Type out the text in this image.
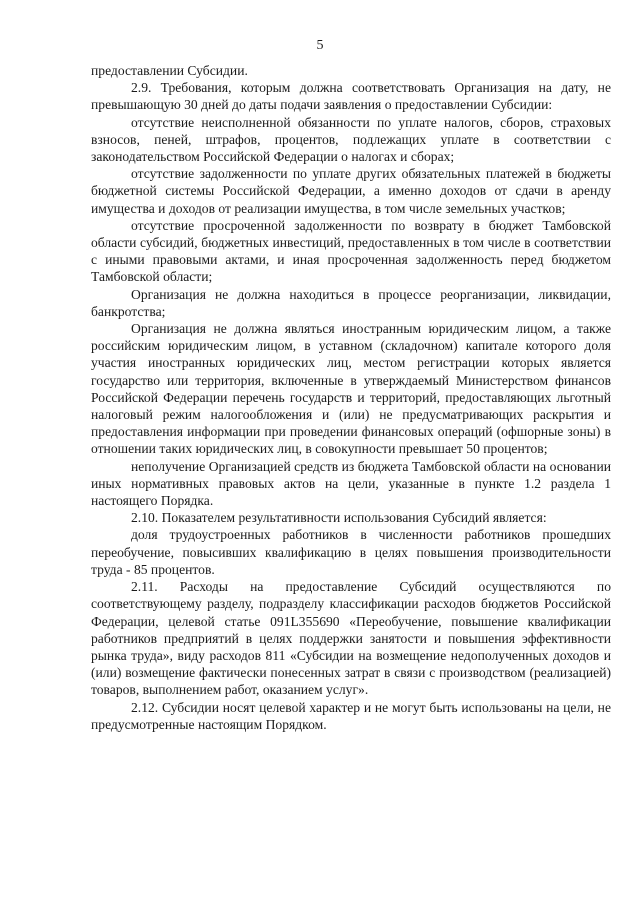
5

предоставлении Субсидии.

2.9. Требования, которым должна соответствовать Организация на дату, не превышающую 30 дней до даты подачи заявления о предоставлении Субсидии:

отсутствие неисполненной обязанности по уплате налогов, сборов, страховых взносов, пеней, штрафов, процентов, подлежащих уплате в соответствии с законодательством Российской Федерации о налогах и сборах;

отсутствие задолженности по уплате других обязательных платежей в бюджеты бюджетной системы Российской Федерации, а именно доходов от сдачи в аренду имущества и доходов от реализации имущества, в том числе земельных участков;

отсутствие просроченной задолженности по возврату в бюджет Тамбовской области субсидий, бюджетных инвестиций, предоставленных в том числе в соответствии с иными правовыми актами, и иная просроченная задолженность перед бюджетом Тамбовской области;

Организация не должна находиться в процессе реорганизации, ликвидации, банкротства;

Организация не должна являться иностранным юридическим лицом, а также российским юридическим лицом, в уставном (складочном) капитале которого доля участия иностранных юридических лиц, местом регистрации которых является государство или территория, включенные в утверждаемый Министерством финансов Российской Федерации перечень государств и территорий, предоставляющих льготный налоговый режим налогообложения и (или) не предусматривающих раскрытия и предоставления информации при проведении финансовых операций (офшорные зоны) в отношении таких юридических лиц, в совокупности превышает 50 процентов;

неполучение Организацией средств из бюджета Тамбовской области на основании иных нормативных правовых актов на цели, указанные в пункте 1.2 раздела 1 настоящего Порядка.

2.10. Показателем результативности использования Субсидий является:

доля трудоустроенных работников в численности работников прошедших переобучение, повысивших квалификацию в целях повышения производительности труда - 85 процентов.

2.11. Расходы на предоставление Субсидий осуществляются по соответствующему разделу, подразделу классификации расходов бюджетов Российской Федерации, целевой статье 091L355690 «Переобучение, повышение квалификации работников предприятий в целях поддержки занятости и повышения эффективности рынка труда», виду расходов 811 «Субсидии на возмещение недополученных доходов и (или) возмещение фактически понесенных затрат в связи с производством (реализацией) товаров, выполнением работ, оказанием услуг».

2.12. Субсидии носят целевой характер и не могут быть использованы на цели, не предусмотренные настоящим Порядком.
